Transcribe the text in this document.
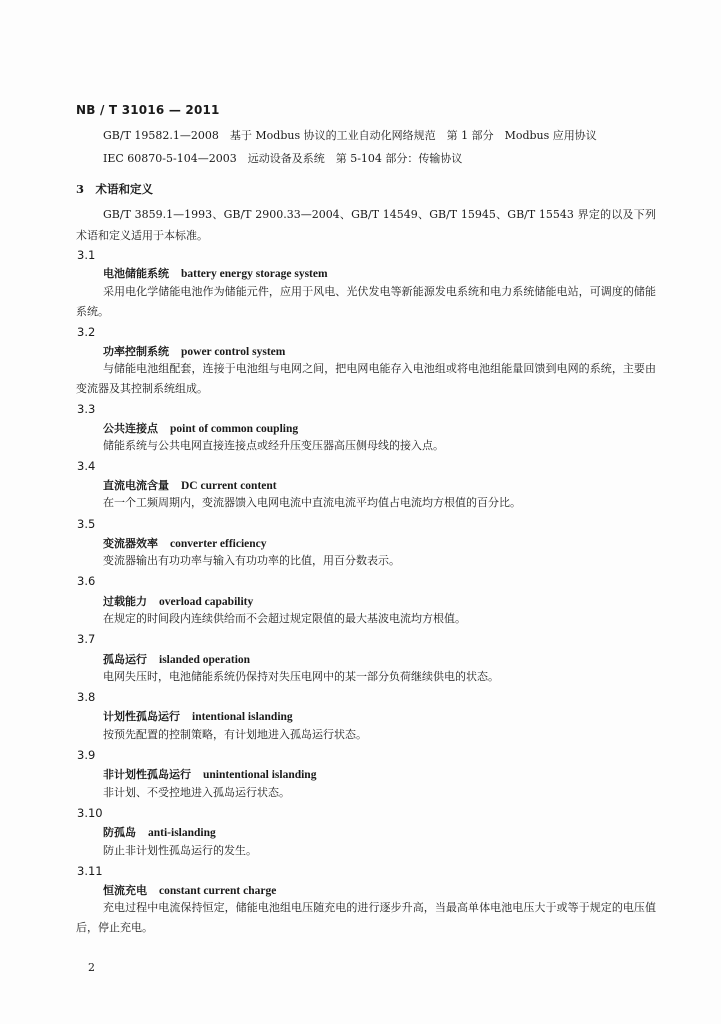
NB / T 31016 — 2011
GB/T 19582.1—2008　基于 Modbus 协议的工业自动化网络规范　第 1 部分　Modbus 应用协议
IEC 60870-5-104—2003　远动设备及系统　第 5-104 部分：传输协议
3　术语和定义
GB/T 3859.1—1993、GB/T 2900.33—2004、GB/T 14549、GB/T 15945、GB/T 15543 界定的以及下列术语和定义适用于本标准。
3.1
电池储能系统 battery energy storage system
采用电化学储能电池作为储能元件，应用于风电、光伏发电等新能源发电系统和电力系统储能电站，可调度的储能系统。
3.2
功率控制系统 power control system
与储能电池组配套，连接于电池组与电网之间，把电网电能存入电池组或将电池组能量回馈到电网的系统，主要由变流器及其控制系统组成。
3.3
公共连接点 point of common coupling
储能系统与公共电网直接连接点或经升压变压器高压侧母线的接入点。
3.4
直流电流含量 DC current content
在一个工频周期内，变流器馈入电网电流中直流电流平均值占电流均方根值的百分比。
3.5
变流器效率 converter efficiency
变流器输出有功功率与输入有功功率的比值，用百分数表示。
3.6
过载能力 overload capability
在规定的时间段内连续供给而不会超过规定限值的最大基波电流均方根值。
3.7
孤岛运行 islanded operation
电网失压时，电池储能系统仍保持对失压电网中的某一部分负荷继续供电的状态。
3.8
计划性孤岛运行 intentional islanding
按预先配置的控制策略，有计划地进入孤岛运行状态。
3.9
非计划性孤岛运行 unintentional islanding
非计划、不受控地进入孤岛运行状态。
3.10
防孤岛 anti-islanding
防止非计划性孤岛运行的发生。
3.11
恒流充电 constant current charge
充电过程中电流保持恒定，储能电池组电压随充电的进行逐步升高，当最高单体电池电压大于或等于规定的电压值后，停止充电。
2
